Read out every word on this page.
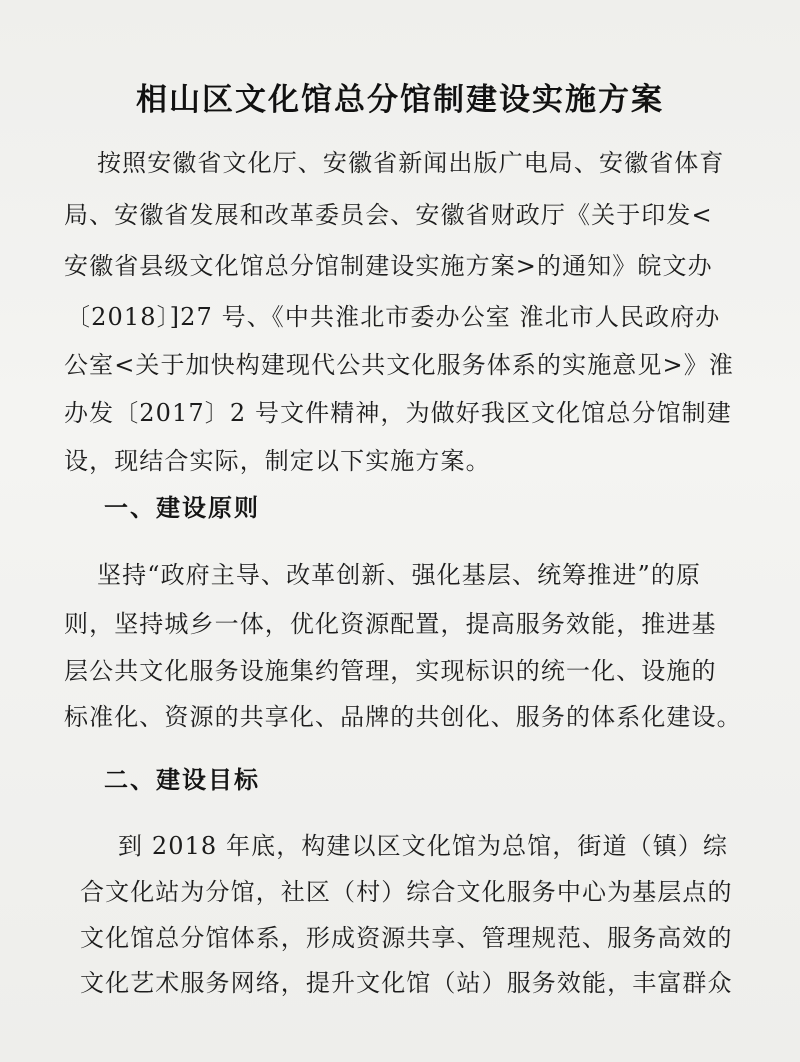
相山区文化馆总分馆制建设实施方案
按照安徽省文化厅、安徽省新闻出版广电局、安徽省体育
局、安徽省发展和改革委员会、安徽省财政厅《关于印发<
安徽省县级文化馆总分馆制建设实施方案>的通知》皖文办
〔2018〕]27 号、《中共淮北市委办公室 淮北市人民政府办
公室<关于加快构建现代公共文化服务体系的实施意见>》淮
办发〔2017〕2 号文件精神，为做好我区文化馆总分馆制建
设，现结合实际，制定以下实施方案。
一、建设原则
坚持“政府主导、改革创新、强化基层、统筹推进”的原
则，坚持城乡一体，优化资源配置，提高服务效能，推进基
层公共文化服务设施集约管理，实现标识的统一化、设施的
标准化、资源的共享化、品牌的共创化、服务的体系化建设。
二、建设目标
到 2018 年底，构建以区文化馆为总馆，街道（镇）综
合文化站为分馆，社区（村）综合文化服务中心为基层点的
文化馆总分馆体系，形成资源共享、管理规范、服务高效的
文化艺术服务网络，提升文化馆（站）服务效能，丰富群众
